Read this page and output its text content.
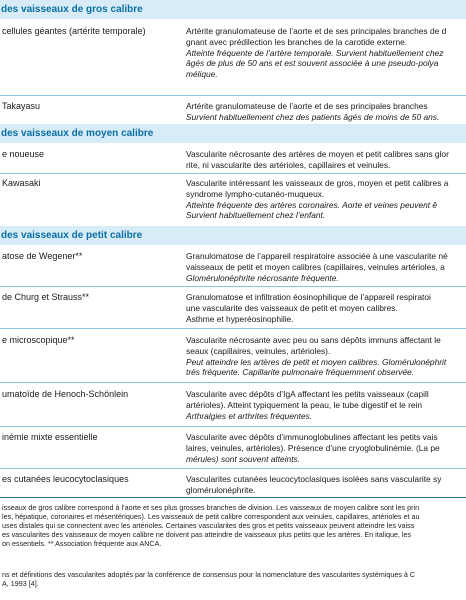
des vaisseaux de gros calibre
cellules géantes (artérite temporale)	Artérite granulomateuse de l’aorte et de ses principales branches de d
gnant avec prédilection les branches de la carotide externe.
Atteinte fréquente de l’artère temporale. Survient habituellement chez
âgés de plus de 50 ans et est souvent associée à une pseudo-polya
mélique.
Takayasu	Artérite granulomateuse de l’aorte et de ses principales branches
Survient habituellement chez des patients âgés de moins de 50 ans.
des vaisseaux de moyen calibre
e noueuse	Vascularite nécrosante des artères de moyen et petit calibres sans glor
rite, ni vascularite des artérioles, capillaires et veinules.
Kawasaki	Vascularite intéressant les vaisseaux de gros, moyen et petit calibres a
syndrome lympho-cutanéo-muqueux.
Atteinte fréquente des artères coronaires. Aorte et veines peuvent ê
Survient habituellement chez l’enfant.
des vaisseaux de petit calibre
atose de Wegener**	Granulomatose de l’appareil respiratoire associée à une vascularite né
vaisseaux de petit et moyen calibres (capillaires, veinules artérioles, a
Glomérulonéphrite nécrosante fréquente.
de Churg et Strauss**	Granulomatose et infiltration éosinophilique de l’appareil respiratoi
une vascularite des vaisseaux de petit et moyen calibres.
Asthme et hyperéosinophilie.
e microscopique**	Vascularite nécrosante avec peu ou sans dépôts immuns affectant le
seaux (capillaires, veinules, artérioles).
Peut atteindre les artères de petit et moyen calibres. Glomérulonéphrit
très fréquente. Capillarite pulmonaire fréquemment observée.
umatoïde de Henoch-Schönlein	Vascularite avec dépôts d’IgA affectant les petits vaisseaux (capill
artérioles). Atteint typiquement la peau, le tube digestif et le rein
Arthralgies et arthrites fréquentes.
inémie mixte essentielle	Vascularite avec dépôts d’immunoglobulines affectant les petits vais
laires, veinules, artérioles). Présence d’une cryoglobulinémie. (La pe
mérules) sont souvent atteints.
es cutanées leucocytoclasiques	Vascularites cutanées leucocytoclasiques isolées sans vascularite sy
glomérulonéphrite.
isseaux de gros calibre correspond à l’aorte et ses plus grosses branches de division. Les vaisseaux de moyen calibre sont les prin
les, hépatique, coronaires et mésentériques). Les vaisseaux de petit calibre correspondent aux veinules, capillaires, artérioles et au
uses distales qui se connectent avec les artérioles. Certaines vascularites des gros et petits vaisseaux peuvent atteindre les vaiss
es vascularites des vaisseaux de moyen calibre ne doivent pas atteindre de vaisseaux plus petits que les artères. En italique, les
on essentiels. ** Association fréquente aux ANCA.
ns et définitions des vascularites adoptés par la conférence de consensus pour la nomenclature des vascularites systémiques à C
A, 1993 [4].
